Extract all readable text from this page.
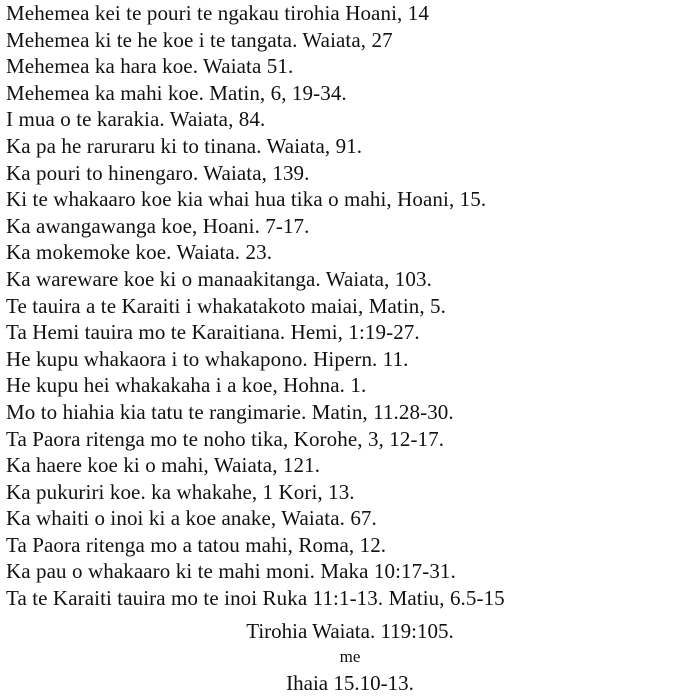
Mehemea kei te pouri te ngakau tirohia Hoani, 14
Mehemea ki te he koe i te tangata. Waiata, 27
Mehemea ka hara koe. Waiata 51.
Mehemea ka mahi koe. Matin, 6, 19-34.
I mua o te karakia. Waiata, 84.
Ka pa he raruraru ki to tinana. Waiata, 91.
Ka pouri to hinengaro. Waiata, 139.
Ki te whakaaro koe kia whai hua tika o mahi, Hoani, 15.
Ka awangawanga koe, Hoani. 7-17.
Ka mokemoke koe. Waiata. 23.
Ka wareware koe ki o manaakitanga. Waiata, 103.
Te tauira a te Karaiti i whakatakoto maiai, Matin, 5.
Ta Hemi tauira mo te Karaitiana. Hemi, 1:19-27.
He kupu whakaora i to whakapono. Hipern. 11.
He kupu hei whakakaha i a koe, Hohna. 1.
Mo to hiahia kia tatu te rangimarie. Matin, 11.28-30.
Ta Paora ritenga mo te noho tika, Korohe, 3, 12-17.
Ka haere koe ki o mahi, Waiata, 121.
Ka pukuriri koe. ka whakahe, 1 Kori, 13.
Ka whaiti o inoi ki a koe anake, Waiata. 67.
Ta Paora ritenga mo a tatou mahi, Roma, 12.
Ka pau o whakaaro ki te mahi moni. Maka 10:17-31.
Ta te Karaiti tauira mo te inoi Ruka 11:1-13. Matiu, 6.5-15
Tirohia Waiata. 119:105.
me
Ihaia 15.10-13.
